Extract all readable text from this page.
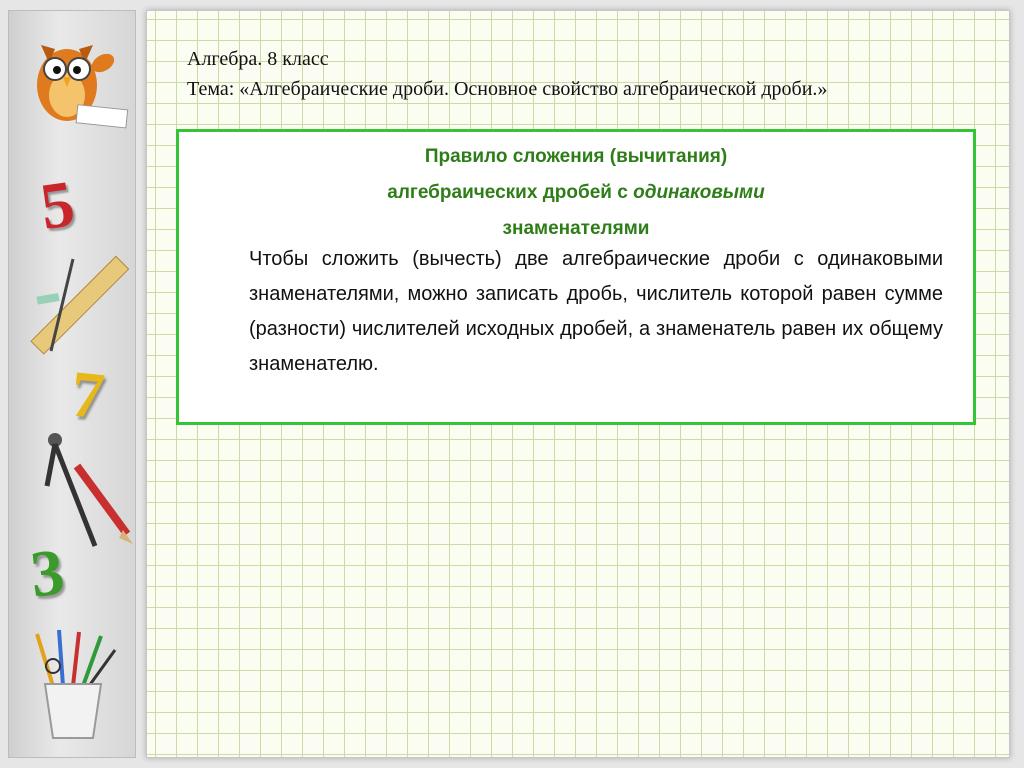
5
7
3
Алгебра. 8 класс
Тема: «Алгебраические дроби. Основное свойство алгебраической дроби.»
Правило сложения (вычитания)
алгебраических дробей с одинаковыми
знаменателями
Чтобы сложить (вычесть) две алгебраические дроби с одинаковыми знаменателями, можно записать дробь, числитель которой равен сумме (разности) числителей исходных дробей, а знаменатель равен их общему знаменателю.
